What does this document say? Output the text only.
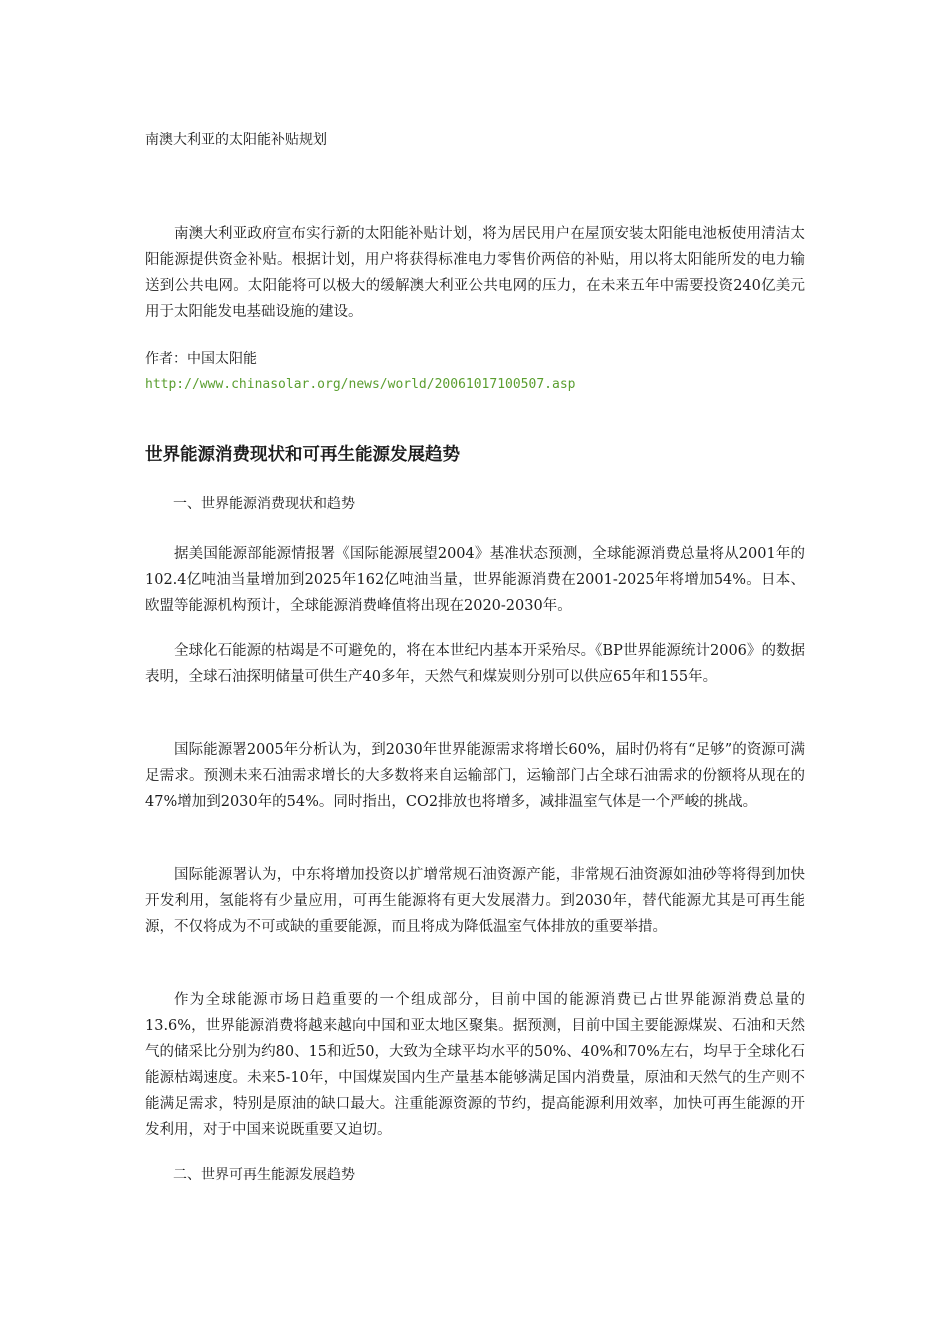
南澳大利亚的太阳能补贴规划

南澳大利亚政府宣布实行新的太阳能补贴计划，将为居民用户在屋顶安装太阳能电池板使用清洁太阳能源提供资金补贴。根据计划，用户将获得标准电力零售价两倍的补贴，用以将太阳能所发的电力输送到公共电网。太阳能将可以极大的缓解澳大利亚公共电网的压力，在未来五年中需要投资240亿美元用于太阳能发电基础设施的建设。

作者：中国太阳能

http://www.chinasolar.org/news/world/20061017100507.asp

世界能源消费现状和可再生能源发展趋势

一、世界能源消费现状和趋势

据美国能源部能源情报署《国际能源展望2004》基准状态预测，全球能源消费总量将从2001年的102.4亿吨油当量增加到2025年162亿吨油当量，世界能源消费在2001-2025年将增加54%。日本、欧盟等能源机构预计，全球能源消费峰值将出现在2020-2030年。

全球化石能源的枯竭是不可避免的，将在本世纪内基本开采殆尽。《BP世界能源统计2006》的数据表明，全球石油探明储量可供生产40多年，天然气和煤炭则分别可以供应65年和155年。

国际能源署2005年分析认为，到2030年世界能源需求将增长60%，届时仍将有“足够”的资源可满足需求。预测未来石油需求增长的大多数将来自运输部门，运输部门占全球石油需求的份额将从现在的47%增加到2030年的54%。同时指出，CO2排放也将增多，减排温室气体是一个严峻的挑战。

国际能源署认为，中东将增加投资以扩增常规石油资源产能，非常规石油资源如油砂等将得到加快开发利用，氢能将有少量应用，可再生能源将有更大发展潜力。到2030年，替代能源尤其是可再生能源，不仅将成为不可或缺的重要能源，而且将成为降低温室气体排放的重要举措。

作为全球能源市场日趋重要的一个组成部分，目前中国的能源消费已占世界能源消费总量的13.6%，世界能源消费将越来越向中国和亚太地区聚集。据预测，目前中国主要能源煤炭、石油和天然气的储采比分别为约80、15和近50，大致为全球平均水平的50%、40%和70%左右，均早于全球化石能源枯竭速度。未来5-10年，中国煤炭国内生产量基本能够满足国内消费量，原油和天然气的生产则不能满足需求，特别是原油的缺口最大。注重能源资源的节约，提高能源利用效率，加快可再生能源的开发利用，对于中国来说既重要又迫切。

二、世界可再生能源发展趋势
